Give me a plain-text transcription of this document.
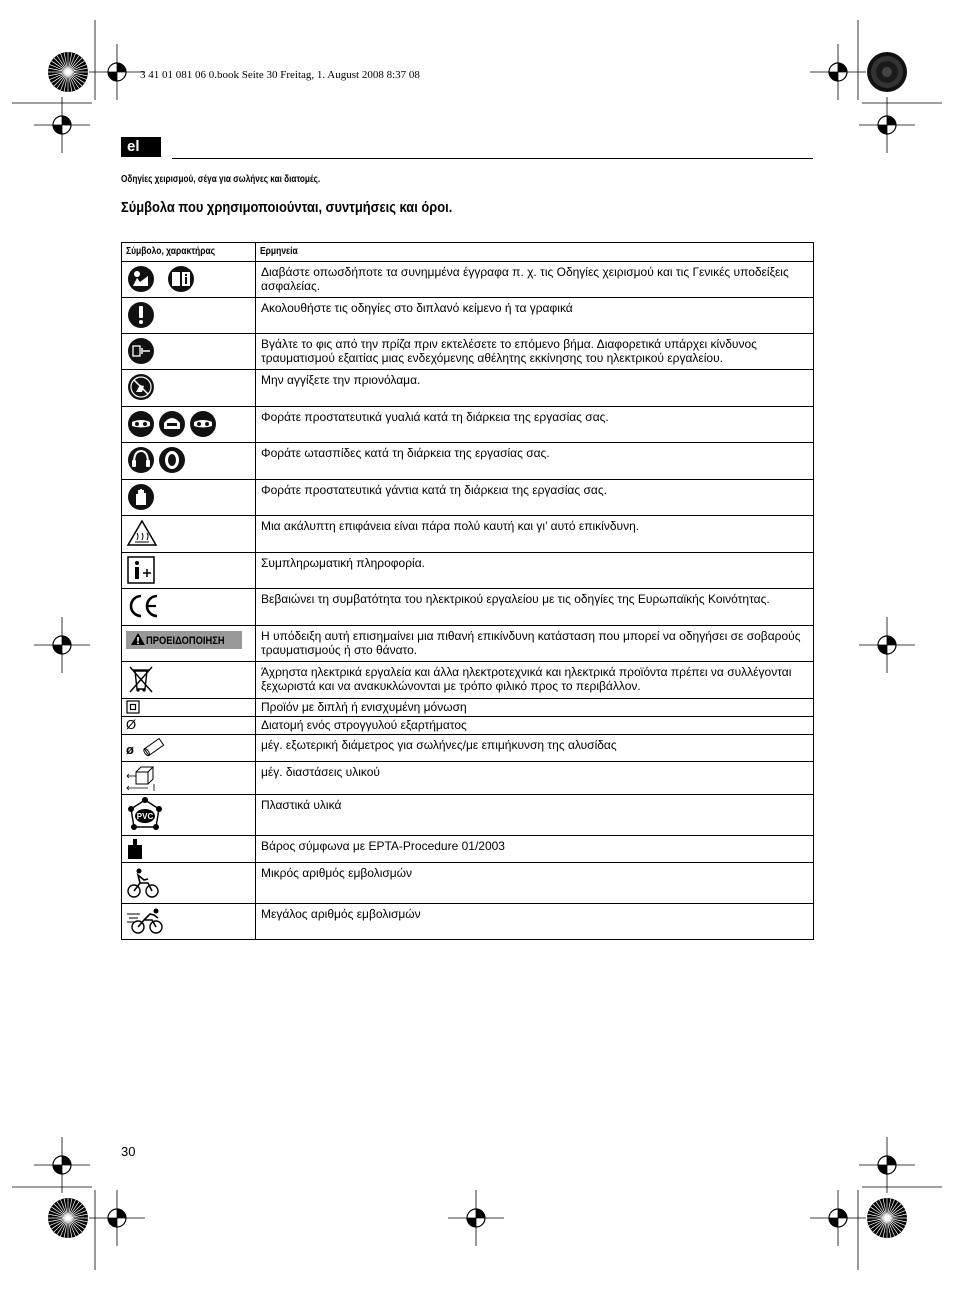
3 41 01 081 06 0.book Seite 30 Freitag, 1. August 2008 8:37 08
el
Οδηγίες χειρισμού, σέγα για σωλήνες και διατομές.
Σύμβολα που χρησιμοποιούνται, συντμήσεις και όροι.
Σύμβολο, χαρακτήρας	Ερμηνεία
	Διαβάστε οπωσδήποτε τα συνημμένα έγγραφα π. χ. τις Οδηγίες χειρισμού και τις Γενικές υποδείξεις ασφαλείας.
	Ακολουθήστε τις οδηγίες στο διπλανό κείμενο ή τα γραφικά
	Βγάλτε το φις από την πρίζα πριν εκτελέσετε το επόμενο βήμα. Διαφορετικά υπάρχει κίνδυνος τραυματισμού εξαιτίας μιας ενδεχόμενης αθέλητης εκκίνησης του ηλεκτρικού εργαλείου.
	Μην αγγίξετε την πριονόλαμα.
	Φοράτε προστατευτικά γυαλιά κατά τη διάρκεια της εργασίας σας.
	Φοράτε ωτασπίδες κατά τη διάρκεια της εργασίας σας.
	Φοράτε προστατευτικά γάντια κατά τη διάρκεια της εργασίας σας.
	Μια ακάλυπτη επιφάνεια είναι πάρα πολύ καυτή και γι’ αυτό επικίνδυνη.
	Συμπληρωματική πληροφορία.
	Βεβαιώνει τη συμβατότητα του ηλεκτρικού εργαλείου με τις οδηγίες της Ευρωπαϊκής Κοινότητας.
ΠΡΟΕΙΔΟΠΟΙΗΣΗ	Η υπόδειξη αυτή επισημαίνει μια πιθανή επικίνδυνη κατάσταση που μπορεί να οδηγήσει σε σοβαρούς τραυματισμούς ή στο θάνατο.
	Άχρηστα ηλεκτρικά εργαλεία και άλλα ηλεκτροτεχνικά και ηλεκτρικά προϊόντα πρέπει να συλλέγονται ξεχωριστά και να ανακυκλώνονται με τρόπο φιλικό προς το περιβάλλον.
	Προϊόν με διπλή ή ενισχυμένη μόνωση
Ø	Διατομή ενός στρογγυλού εξαρτήματος
ø	μέγ. εξωτερική διάμετρος για σωλήνες/με επιμήκυνση της αλυσίδας
	μέγ. διαστάσεις υλικού

PVC	Πλαστικά υλικά
	Βάρος σύμφωνα με EPTA-Procedure 01/2003
	Μικρός αριθμός εμβολισμών
	Μεγάλος αριθμός εμβολισμών
30
